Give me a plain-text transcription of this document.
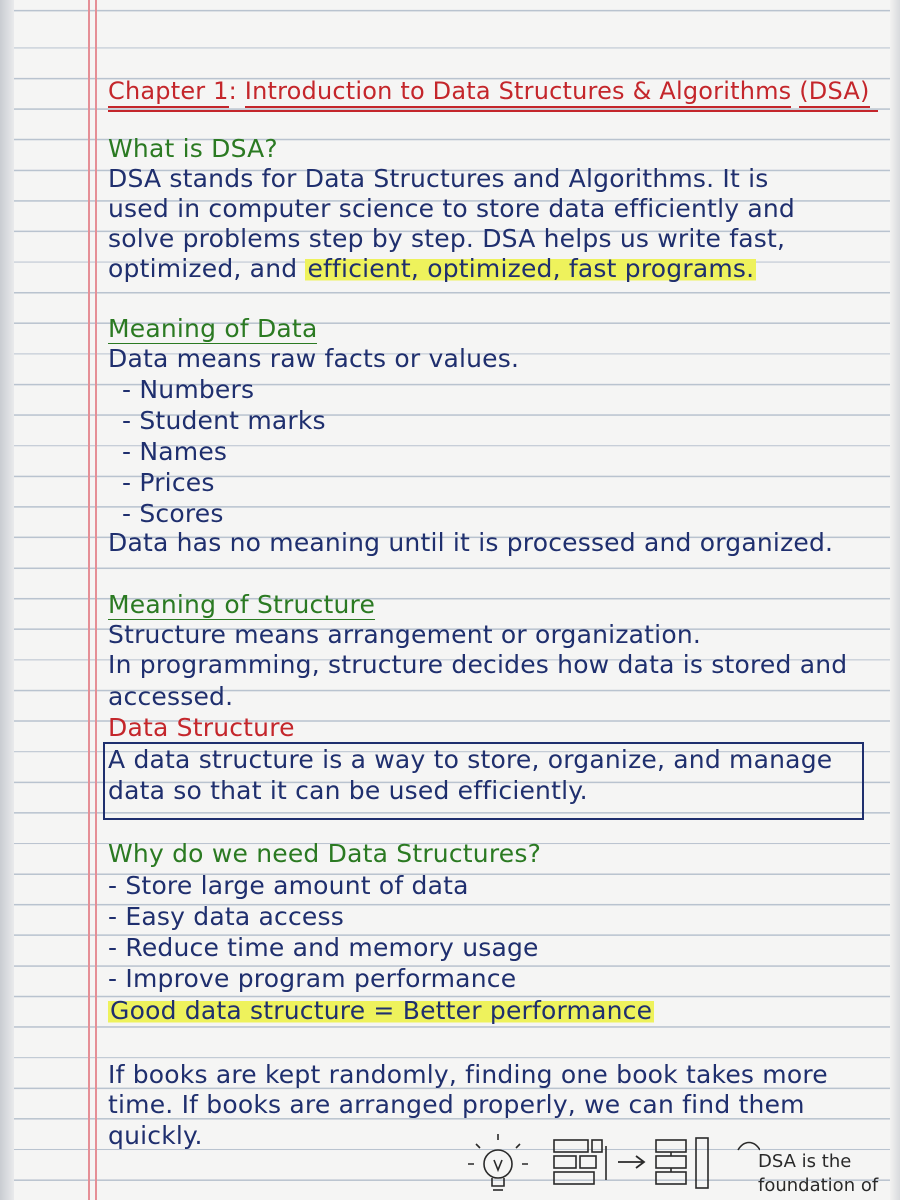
Chapter 1: Introduction to Data Structures & Algorithms (DSA)
What is DSA?
DSA stands for Data Structures and Algorithms. It is
used in computer science to store data efficiently and
solve problems step by step. DSA helps us write fast,
optimized, and efficient, optimized, fast programs.
Meaning of Data
Data means raw facts or values.
- Numbers
- Student marks
- Names
- Prices
- Scores
Data has no meaning until it is processed and organized.
Meaning of Structure
Structure means arrangement or organization.
In programming, structure decides how data is stored and
accessed.
Data Structure
A data structure is a way to store, organize, and manage
data so that it can be used efficiently.
Why do we need Data Structures?
- Store large amount of data
- Easy data access
- Reduce time and memory usage
- Improve program performance
Good data structure = Better performance
If books are kept randomly, finding one book takes more
time. If books are arranged properly, we can find them
quickly.
DSA is the
foundation of
